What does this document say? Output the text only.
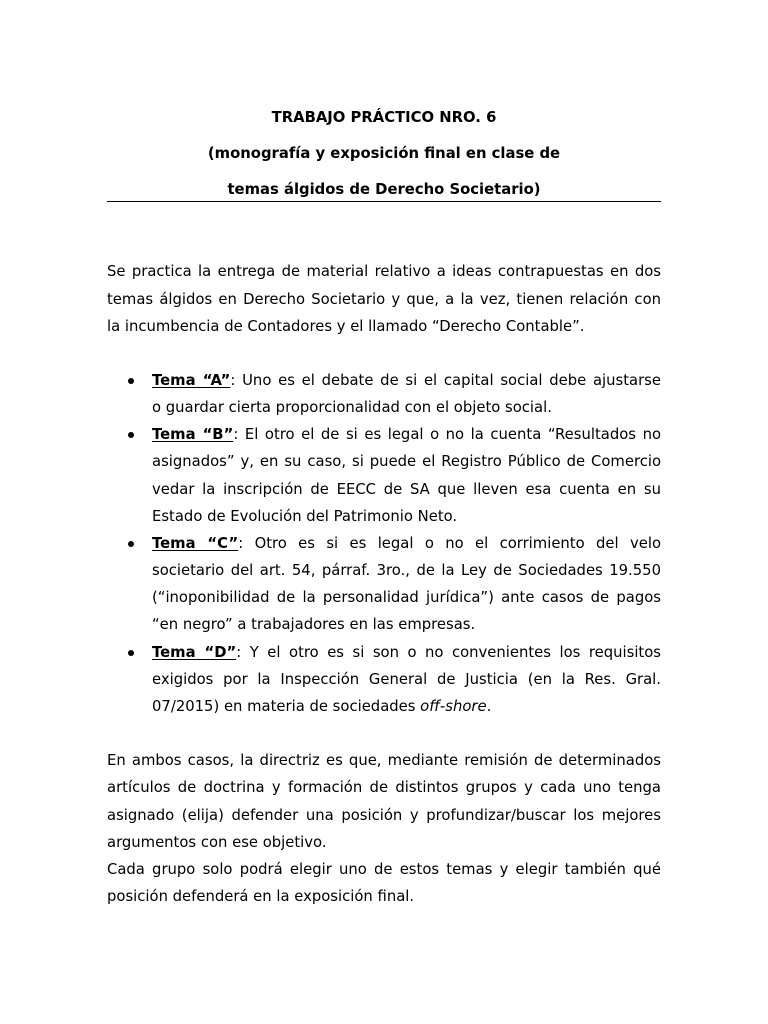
TRABAJO PRÁCTICO NRO. 6
(monografía y exposición final en clase de
temas álgidos de Derecho Societario)

Se practica la entrega de material relativo a ideas contrapuestas en dos
temas álgidos en Derecho Societario y que, a la vez, tienen relación con
la incumbencia de Contadores y el llamado “Derecho Contable”.

Tema “A”: Uno es el debate de si el capital social debe ajustarse
o guardar cierta proporcionalidad con el objeto social.
Tema “B”: El otro el de si es legal o no la cuenta “Resultados no
asignados” y, en su caso, si puede el Registro Público de Comercio
vedar la inscripción de EECC de SA que lleven esa cuenta en su
Estado de Evolución del Patrimonio Neto.
Tema “C”: Otro es si es legal o no el corrimiento del velo
societario del art. 54, párraf. 3ro., de la Ley de Sociedades 19.550
(“inoponibilidad de la personalidad jurídica”) ante casos de pagos
“en negro” a trabajadores en las empresas.
Tema “D”: Y el otro es si son o no convenientes los requisitos
exigidos por la Inspección General de Justicia (en la Res. Gral.
07/2015) en materia de sociedades off-shore.

En ambos casos, la directriz es que, mediante remisión de determinados
artículos de doctrina y formación de distintos grupos y cada uno tenga
asignado (elija) defender una posición y profundizar/buscar los mejores
argumentos con ese objetivo.

Cada grupo solo podrá elegir uno de estos temas y elegir también qué
posición defenderá en la exposición final.
